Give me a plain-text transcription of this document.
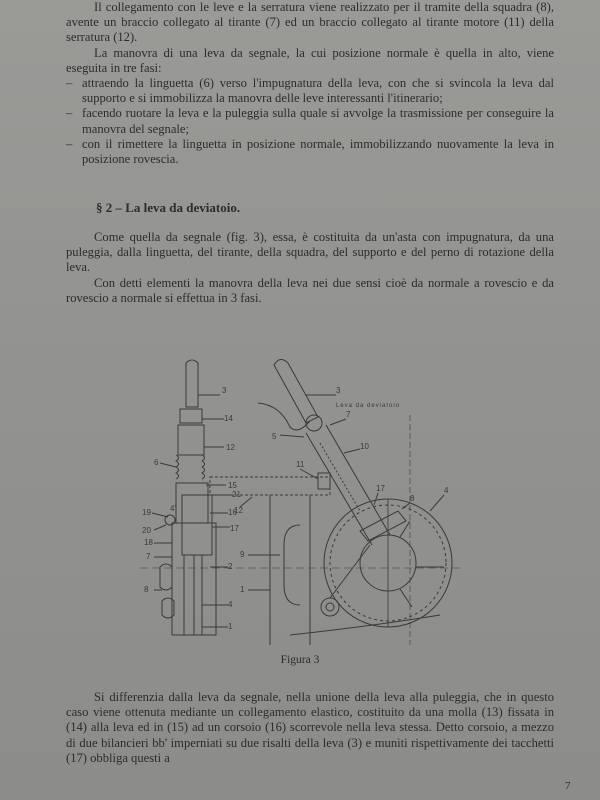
Il collegamento con le leve e la serratura viene realizzato per il tramite della squadra (8), avente un braccio collegato al tirante (7) ed un braccio collegato al tirante motore (11) della serratura (12).

La manovra di una leva da segnale, la cui posizione normale è quella in alto, viene eseguita in tre fasi:

– attraendo la linguetta (6) verso l'impugnatura della leva, con che si svincola la leva dal supporto e si immobilizza la manovra delle leve interessanti l'itinerario;
– facendo ruotare la leva e la puleggia sulla quale si avvolge la trasmissione per conseguire la manovra del segnale;
– con il rimettere la linguetta in posizione normale, immobilizzando nuovamente la leva in posizione rovescia.
§ 2 – La leva da deviatoio.

Come quella da segnale (fig. 3), essa, è costituita da un'asta con impugnatura, da una puleggia, dalla linguetta, del tirante, della squadra, del supporto e del perno di rotazione della leva.

Con detti elementi la manovra della leva nei due sensi cioè da normale a rovescio e da rovescio a normale si effettua in 3 fasi.

3
14
12
6
15
21
19 4'
20
16
17
18
7
2
8
4
1
3
7
5
10
11
12
17
8
4
9
1
Leva da deviatoio
Figura 3

Si differenzia dalla leva da segnale, nella unione della leva alla puleggia, che in questo caso viene ottenuta mediante un collegamento elastico, costituito da una molla (13) fissata in (14) alla leva ed in (15) ad un corsoio (16) scorrevole nella leva stessa. Detto corsoio, a mezzo di due bilancieri bb' imperniati su due risalti della leva (3) e muniti rispettivamente dei tacchetti (17) obbliga questi a

7
